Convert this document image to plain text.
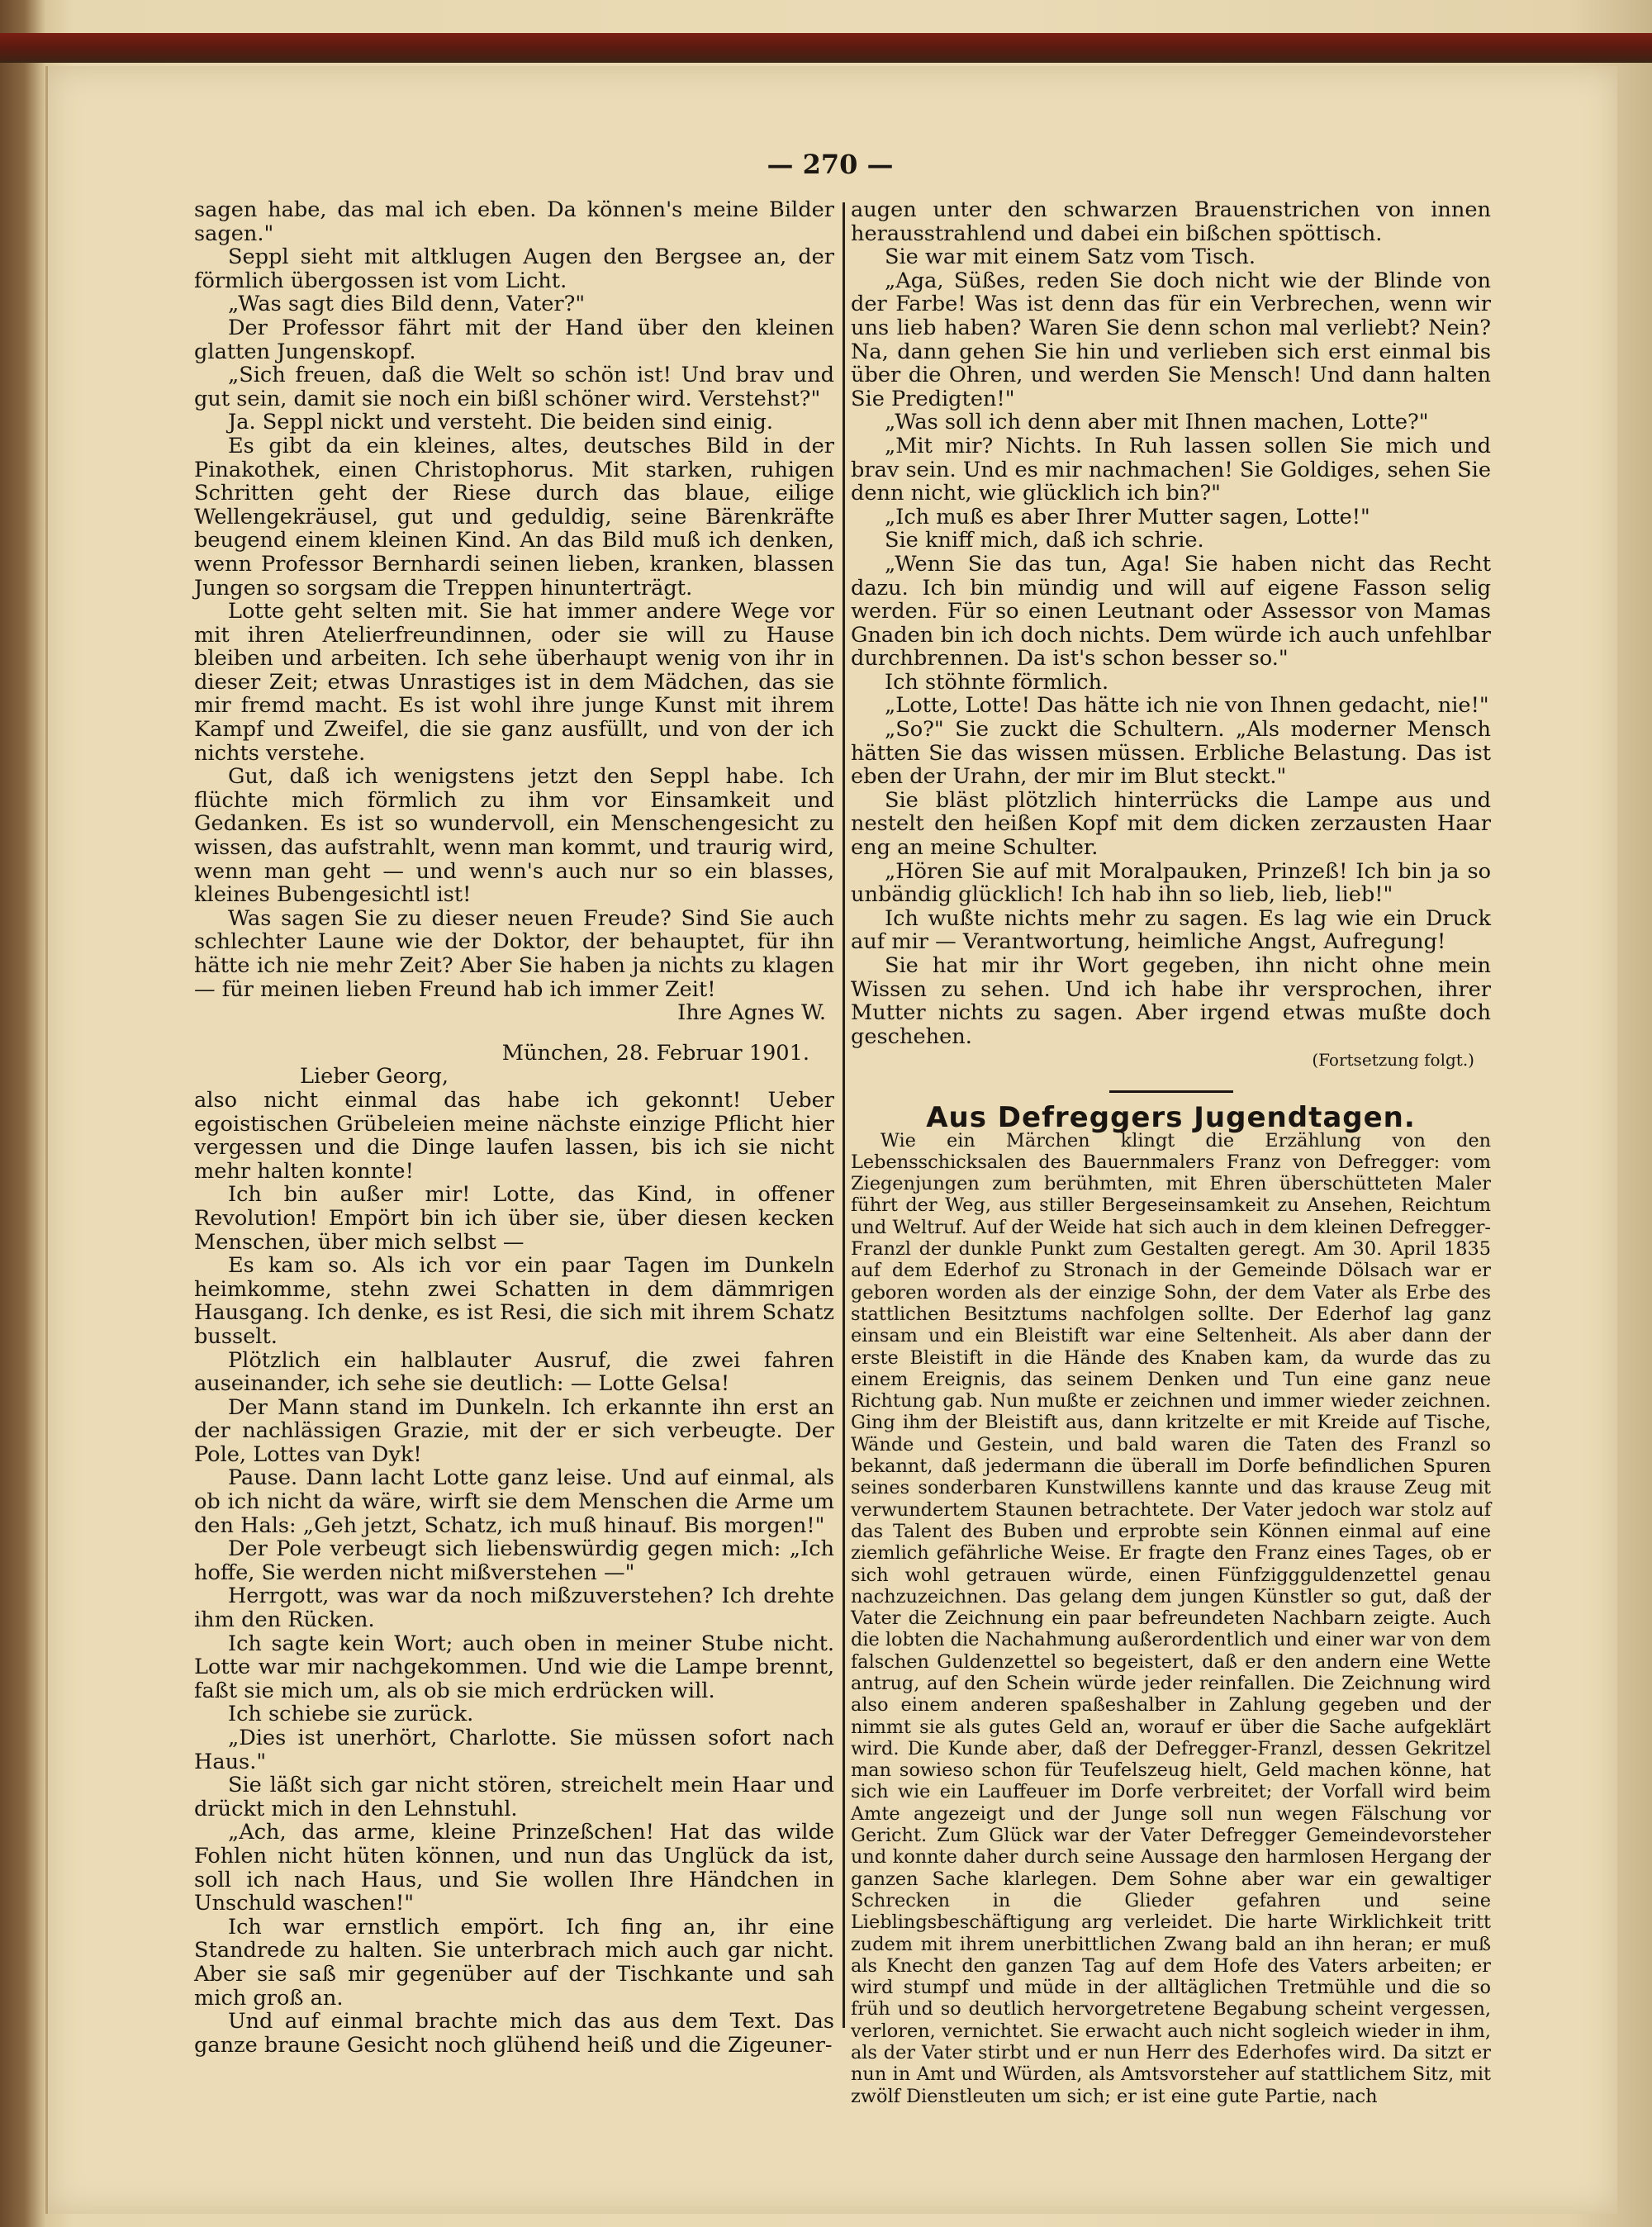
— 270 —

sagen habe, das mal ich eben. Da können's meine Bilder sagen."

Seppl sieht mit altklugen Augen den Bergsee an, der förmlich übergossen ist vom Licht.

„Was sagt dies Bild denn, Vater?"

Der Professor fährt mit der Hand über den kleinen glatten Jungenskopf.

„Sich freuen, daß die Welt so schön ist! Und brav und gut sein, damit sie noch ein bißl schöner wird. Verstehst?"

Ja. Seppl nickt und versteht. Die beiden sind einig.

Es gibt da ein kleines, altes, deutsches Bild in der Pinakothek, einen Christophorus. Mit starken, ruhigen Schritten geht der Riese durch das blaue, eilige Wellengekräusel, gut und geduldig, seine Bärenkräfte beugend einem kleinen Kind. An das Bild muß ich denken, wenn Professor Bernhardi seinen lieben, kranken, blassen Jungen so sorgsam die Treppen hinunterträgt.

Lotte geht selten mit. Sie hat immer andere Wege vor mit ihren Atelierfreundinnen, oder sie will zu Hause bleiben und arbeiten. Ich sehe überhaupt wenig von ihr in dieser Zeit; etwas Unrastiges ist in dem Mädchen, das sie mir fremd macht. Es ist wohl ihre junge Kunst mit ihrem Kampf und Zweifel, die sie ganz ausfüllt, und von der ich nichts verstehe.

Gut, daß ich wenigstens jetzt den Seppl habe. Ich flüchte mich förmlich zu ihm vor Einsamkeit und Gedanken. Es ist so wundervoll, ein Menschengesicht zu wissen, das aufstrahlt, wenn man kommt, und traurig wird, wenn man geht — und wenn's auch nur so ein blasses, kleines Bubengesichtl ist!

Was sagen Sie zu dieser neuen Freude? Sind Sie auch schlechter Laune wie der Doktor, der behauptet, für ihn hätte ich nie mehr Zeit? Aber Sie haben ja nichts zu klagen — für meinen lieben Freund hab ich immer Zeit!

Ihre Agnes W.

München, 28. Februar 1901.

Lieber Georg,

also nicht einmal das habe ich gekonnt! Ueber egoistischen Grübeleien meine nächste einzige Pflicht hier vergessen und die Dinge laufen lassen, bis ich sie nicht mehr halten konnte!

Ich bin außer mir! Lotte, das Kind, in offener Revolution! Empört bin ich über sie, über diesen kecken Menschen, über mich selbst —

Es kam so. Als ich vor ein paar Tagen im Dunkeln heimkomme, stehn zwei Schatten in dem dämmrigen Hausgang. Ich denke, es ist Resi, die sich mit ihrem Schatz busselt.

Plötzlich ein halblauter Ausruf, die zwei fahren auseinander, ich sehe sie deutlich: — Lotte Gelsa!

Der Mann stand im Dunkeln. Ich erkannte ihn erst an der nachlässigen Grazie, mit der er sich verbeugte. Der Pole, Lottes van Dyk!

Pause. Dann lacht Lotte ganz leise. Und auf einmal, als ob ich nicht da wäre, wirft sie dem Menschen die Arme um den Hals: „Geh jetzt, Schatz, ich muß hinauf. Bis morgen!"

Der Pole verbeugt sich liebenswürdig gegen mich: „Ich hoffe, Sie werden nicht mißverstehen —"

Herrgott, was war da noch mißzuverstehen? Ich drehte ihm den Rücken.

Ich sagte kein Wort; auch oben in meiner Stube nicht. Lotte war mir nachgekommen. Und wie die Lampe brennt, faßt sie mich um, als ob sie mich erdrücken will.

Ich schiebe sie zurück.

„Dies ist unerhört, Charlotte. Sie müssen sofort nach Haus."

Sie läßt sich gar nicht stören, streichelt mein Haar und drückt mich in den Lehnstuhl.

„Ach, das arme, kleine Prinzeßchen! Hat das wilde Fohlen nicht hüten können, und nun das Unglück da ist, soll ich nach Haus, und Sie wollen Ihre Händchen in Unschuld waschen!"

Ich war ernstlich empört. Ich fing an, ihr eine Standrede zu halten. Sie unterbrach mich auch gar nicht. Aber sie saß mir gegenüber auf der Tischkante und sah mich groß an.

Und auf einmal brachte mich das aus dem Text. Das ganze braune Gesicht noch glühend heiß und die Zigeuner-

augen unter den schwarzen Brauenstrichen von innen herausstrahlend und dabei ein bißchen spöttisch.

Sie war mit einem Satz vom Tisch.

„Aga, Süßes, reden Sie doch nicht wie der Blinde von der Farbe! Was ist denn das für ein Verbrechen, wenn wir uns lieb haben? Waren Sie denn schon mal verliebt? Nein? Na, dann gehen Sie hin und verlieben sich erst einmal bis über die Ohren, und werden Sie Mensch! Und dann halten Sie Predigten!"

„Was soll ich denn aber mit Ihnen machen, Lotte?"

„Mit mir? Nichts. In Ruh lassen sollen Sie mich und brav sein. Und es mir nachmachen! Sie Goldiges, sehen Sie denn nicht, wie glücklich ich bin?"

„Ich muß es aber Ihrer Mutter sagen, Lotte!"

Sie kniff mich, daß ich schrie.

„Wenn Sie das tun, Aga! Sie haben nicht das Recht dazu. Ich bin mündig und will auf eigene Fasson selig werden. Für so einen Leutnant oder Assessor von Mamas Gnaden bin ich doch nichts. Dem würde ich auch unfehlbar durchbrennen. Da ist's schon besser so."

Ich stöhnte förmlich.

„Lotte, Lotte! Das hätte ich nie von Ihnen gedacht, nie!"

„So?" Sie zuckt die Schultern. „Als moderner Mensch hätten Sie das wissen müssen. Erbliche Belastung. Das ist eben der Urahn, der mir im Blut steckt."

Sie bläst plötzlich hinterrücks die Lampe aus und nestelt den heißen Kopf mit dem dicken zerzausten Haar eng an meine Schulter.

„Hören Sie auf mit Moralpauken, Prinzeß! Ich bin ja so unbändig glücklich! Ich hab ihn so lieb, lieb, lieb!"

Ich wußte nichts mehr zu sagen. Es lag wie ein Druck auf mir — Verantwortung, heimliche Angst, Aufregung!

Sie hat mir ihr Wort gegeben, ihn nicht ohne mein Wissen zu sehen. Und ich habe ihr versprochen, ihrer Mutter nichts zu sagen. Aber irgend etwas mußte doch geschehen.

(Fortsetzung folgt.)

Aus Defreggers Jugendtagen.

Wie ein Märchen klingt die Erzählung von den Lebensschicksalen des Bauernmalers Franz von Defregger: vom Ziegenjungen zum berühmten, mit Ehren überschütteten Maler führt der Weg, aus stiller Bergeseinsamkeit zu Ansehen, Reichtum und Weltruf. Auf der Weide hat sich auch in dem kleinen Defregger-Franzl der dunkle Punkt zum Gestalten geregt. Am 30. April 1835 auf dem Ederhof zu Stronach in der Gemeinde Dölsach war er geboren worden als der einzige Sohn, der dem Vater als Erbe des stattlichen Besitztums nachfolgen sollte. Der Ederhof lag ganz einsam und ein Bleistift war eine Seltenheit. Als aber dann der erste Bleistift in die Hände des Knaben kam, da wurde das zu einem Ereignis, das seinem Denken und Tun eine ganz neue Richtung gab. Nun mußte er zeichnen und immer wieder zeichnen. Ging ihm der Bleistift aus, dann kritzelte er mit Kreide auf Tische, Wände und Gestein, und bald waren die Taten des Franzl so bekannt, daß jedermann die überall im Dorfe befindlichen Spuren seines sonderbaren Kunstwillens kannte und das krause Zeug mit verwundertem Staunen betrachtete. Der Vater jedoch war stolz auf das Talent des Buben und erprobte sein Können einmal auf eine ziemlich gefährliche Weise. Er fragte den Franz eines Tages, ob er sich wohl getrauen würde, einen Fünfziggguldenzettel genau nachzuzeichnen. Das gelang dem jungen Künstler so gut, daß der Vater die Zeichnung ein paar befreundeten Nachbarn zeigte. Auch die lobten die Nachahmung außerordentlich und einer war von dem falschen Guldenzettel so begeistert, daß er den andern eine Wette antrug, auf den Schein würde jeder reinfallen. Die Zeichnung wird also einem anderen spaßeshalber in Zahlung gegeben und der nimmt sie als gutes Geld an, worauf er über die Sache aufgeklärt wird. Die Kunde aber, daß der Defregger-Franzl, dessen Gekritzel man sowieso schon für Teufelszeug hielt, Geld machen könne, hat sich wie ein Lauffeuer im Dorfe verbreitet; der Vorfall wird beim Amte angezeigt und der Junge soll nun wegen Fälschung vor Gericht. Zum Glück war der Vater Defregger Gemeindevorsteher und konnte daher durch seine Aussage den harmlosen Hergang der ganzen Sache klarlegen. Dem Sohne aber war ein gewaltiger Schrecken in die Glieder gefahren und seine Lieblingsbeschäftigung arg verleidet. Die harte Wirklichkeit tritt zudem mit ihrem unerbittlichen Zwang bald an ihn heran; er muß als Knecht den ganzen Tag auf dem Hofe des Vaters arbeiten; er wird stumpf und müde in der alltäglichen Tretmühle und die so früh und so deutlich hervorgetretene Begabung scheint vergessen, verloren, vernichtet. Sie erwacht auch nicht sogleich wieder in ihm, als der Vater stirbt und er nun Herr des Ederhofes wird. Da sitzt er nun in Amt und Würden, als Amtsvorsteher auf stattlichem Sitz, mit zwölf Dienstleuten um sich; er ist eine gute Partie, nach
